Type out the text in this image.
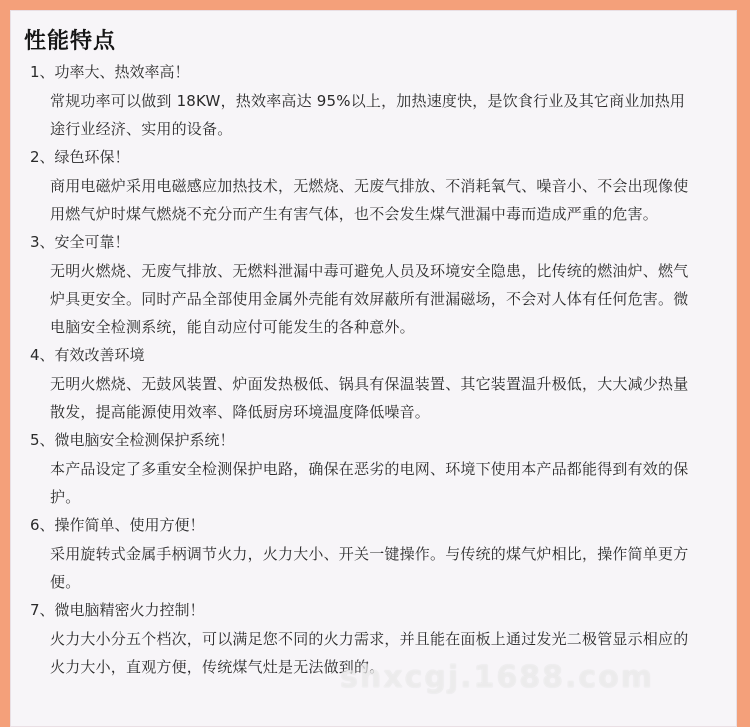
性能特点
1、功率大、热效率高！
常规功率可以做到 18KW，热效率高达 95%以上，加热速度快，是饮食行业及其它商业加热用途行业经济、实用的设备。
2、绿色环保！
商用电磁炉采用电磁感应加热技术，无燃烧、无废气排放、不消耗氧气、噪音小、不会出现像使用燃气炉时煤气燃烧不充分而产生有害气体，也不会发生煤气泄漏中毒而造成严重的危害。
3、安全可靠！
无明火燃烧、无废气排放、无燃料泄漏中毒可避免人员及环境安全隐患，比传统的燃油炉、燃气炉具更安全。同时产品全部使用金属外壳能有效屏蔽所有泄漏磁场，不会对人体有任何危害。微电脑安全检测系统，能自动应付可能发生的各种意外。
4、有效改善环境
无明火燃烧、无鼓风装置、炉面发热极低、锅具有保温装置、其它装置温升极低，大大减少热量散发，提高能源使用效率、降低厨房环境温度降低噪音。
5、微电脑安全检测保护系统！
本产品设定了多重安全检测保护电路，确保在恶劣的电网、环境下使用本产品都能得到有效的保护。
6、操作简单、使用方便！
采用旋转式金属手柄调节火力，火力大小、开关一键操作。与传统的煤气炉相比，操作简单更方便。
7、微电脑精密火力控制！
火力大小分五个档次，可以满足您不同的火力需求，并且能在面板上通过发光二极管显示相应的火力大小，直观方便，传统煤气灶是无法做到的。
shxcgj.1688.com
